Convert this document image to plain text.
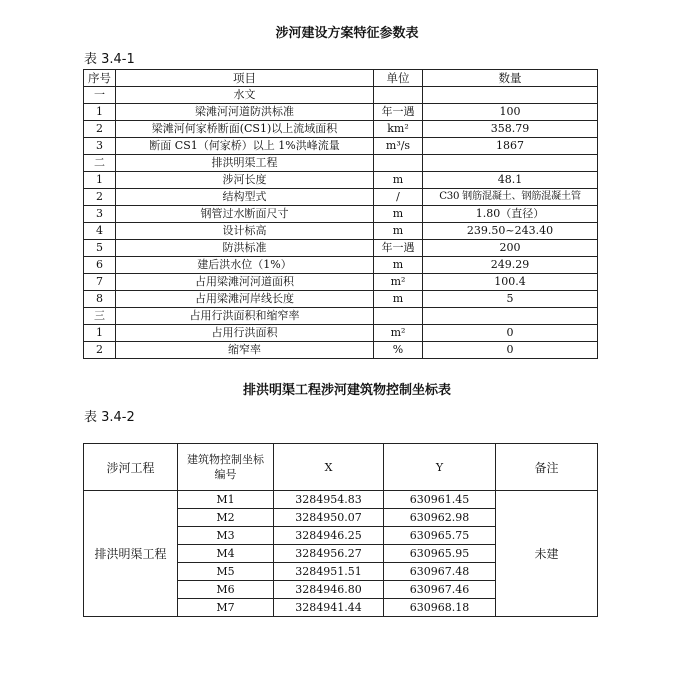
涉河建设方案特征参数表
表 3.4-1
序号	项目	单位	数量
一	水文		
1	梁滩河河道防洪标准	年一遇	100
2	梁滩河何家桥断面(CS1)以上流域面积	km²	358.79
3	断面 CS1（何家桥）以上 1%洪峰流量	m³/s	1867
二	排洪明渠工程		
1	涉河长度	m	48.1
2	结构型式	/	C30 钢筋混凝土、钢筋混凝土管
3	钢管过水断面尺寸	m	1.80（直径）
4	设计标高	m	239.50~243.40
5	防洪标准	年一遇	200
6	建后洪水位（1%）	m	249.29
7	占用梁滩河河道面积	m²	100.4
8	占用梁滩河岸线长度	m	5
三	占用行洪面积和缩窄率		
1	占用行洪面积	m²	0
2	缩窄率	%	0
排洪明渠工程涉河建筑物控制坐标表
表 3.4-2
涉河工程	建筑物控制坐标编号	X	Y	备注
排洪明渠工程	M1	3284954.83	630961.45	未建
	M2	3284950.07	630962.98	
	M3	3284946.25	630965.75	
	M4	3284956.27	630965.95	
	M5	3284951.51	630967.48	
	M6	3284946.80	630967.46	
	M7	3284941.44	630968.18	
